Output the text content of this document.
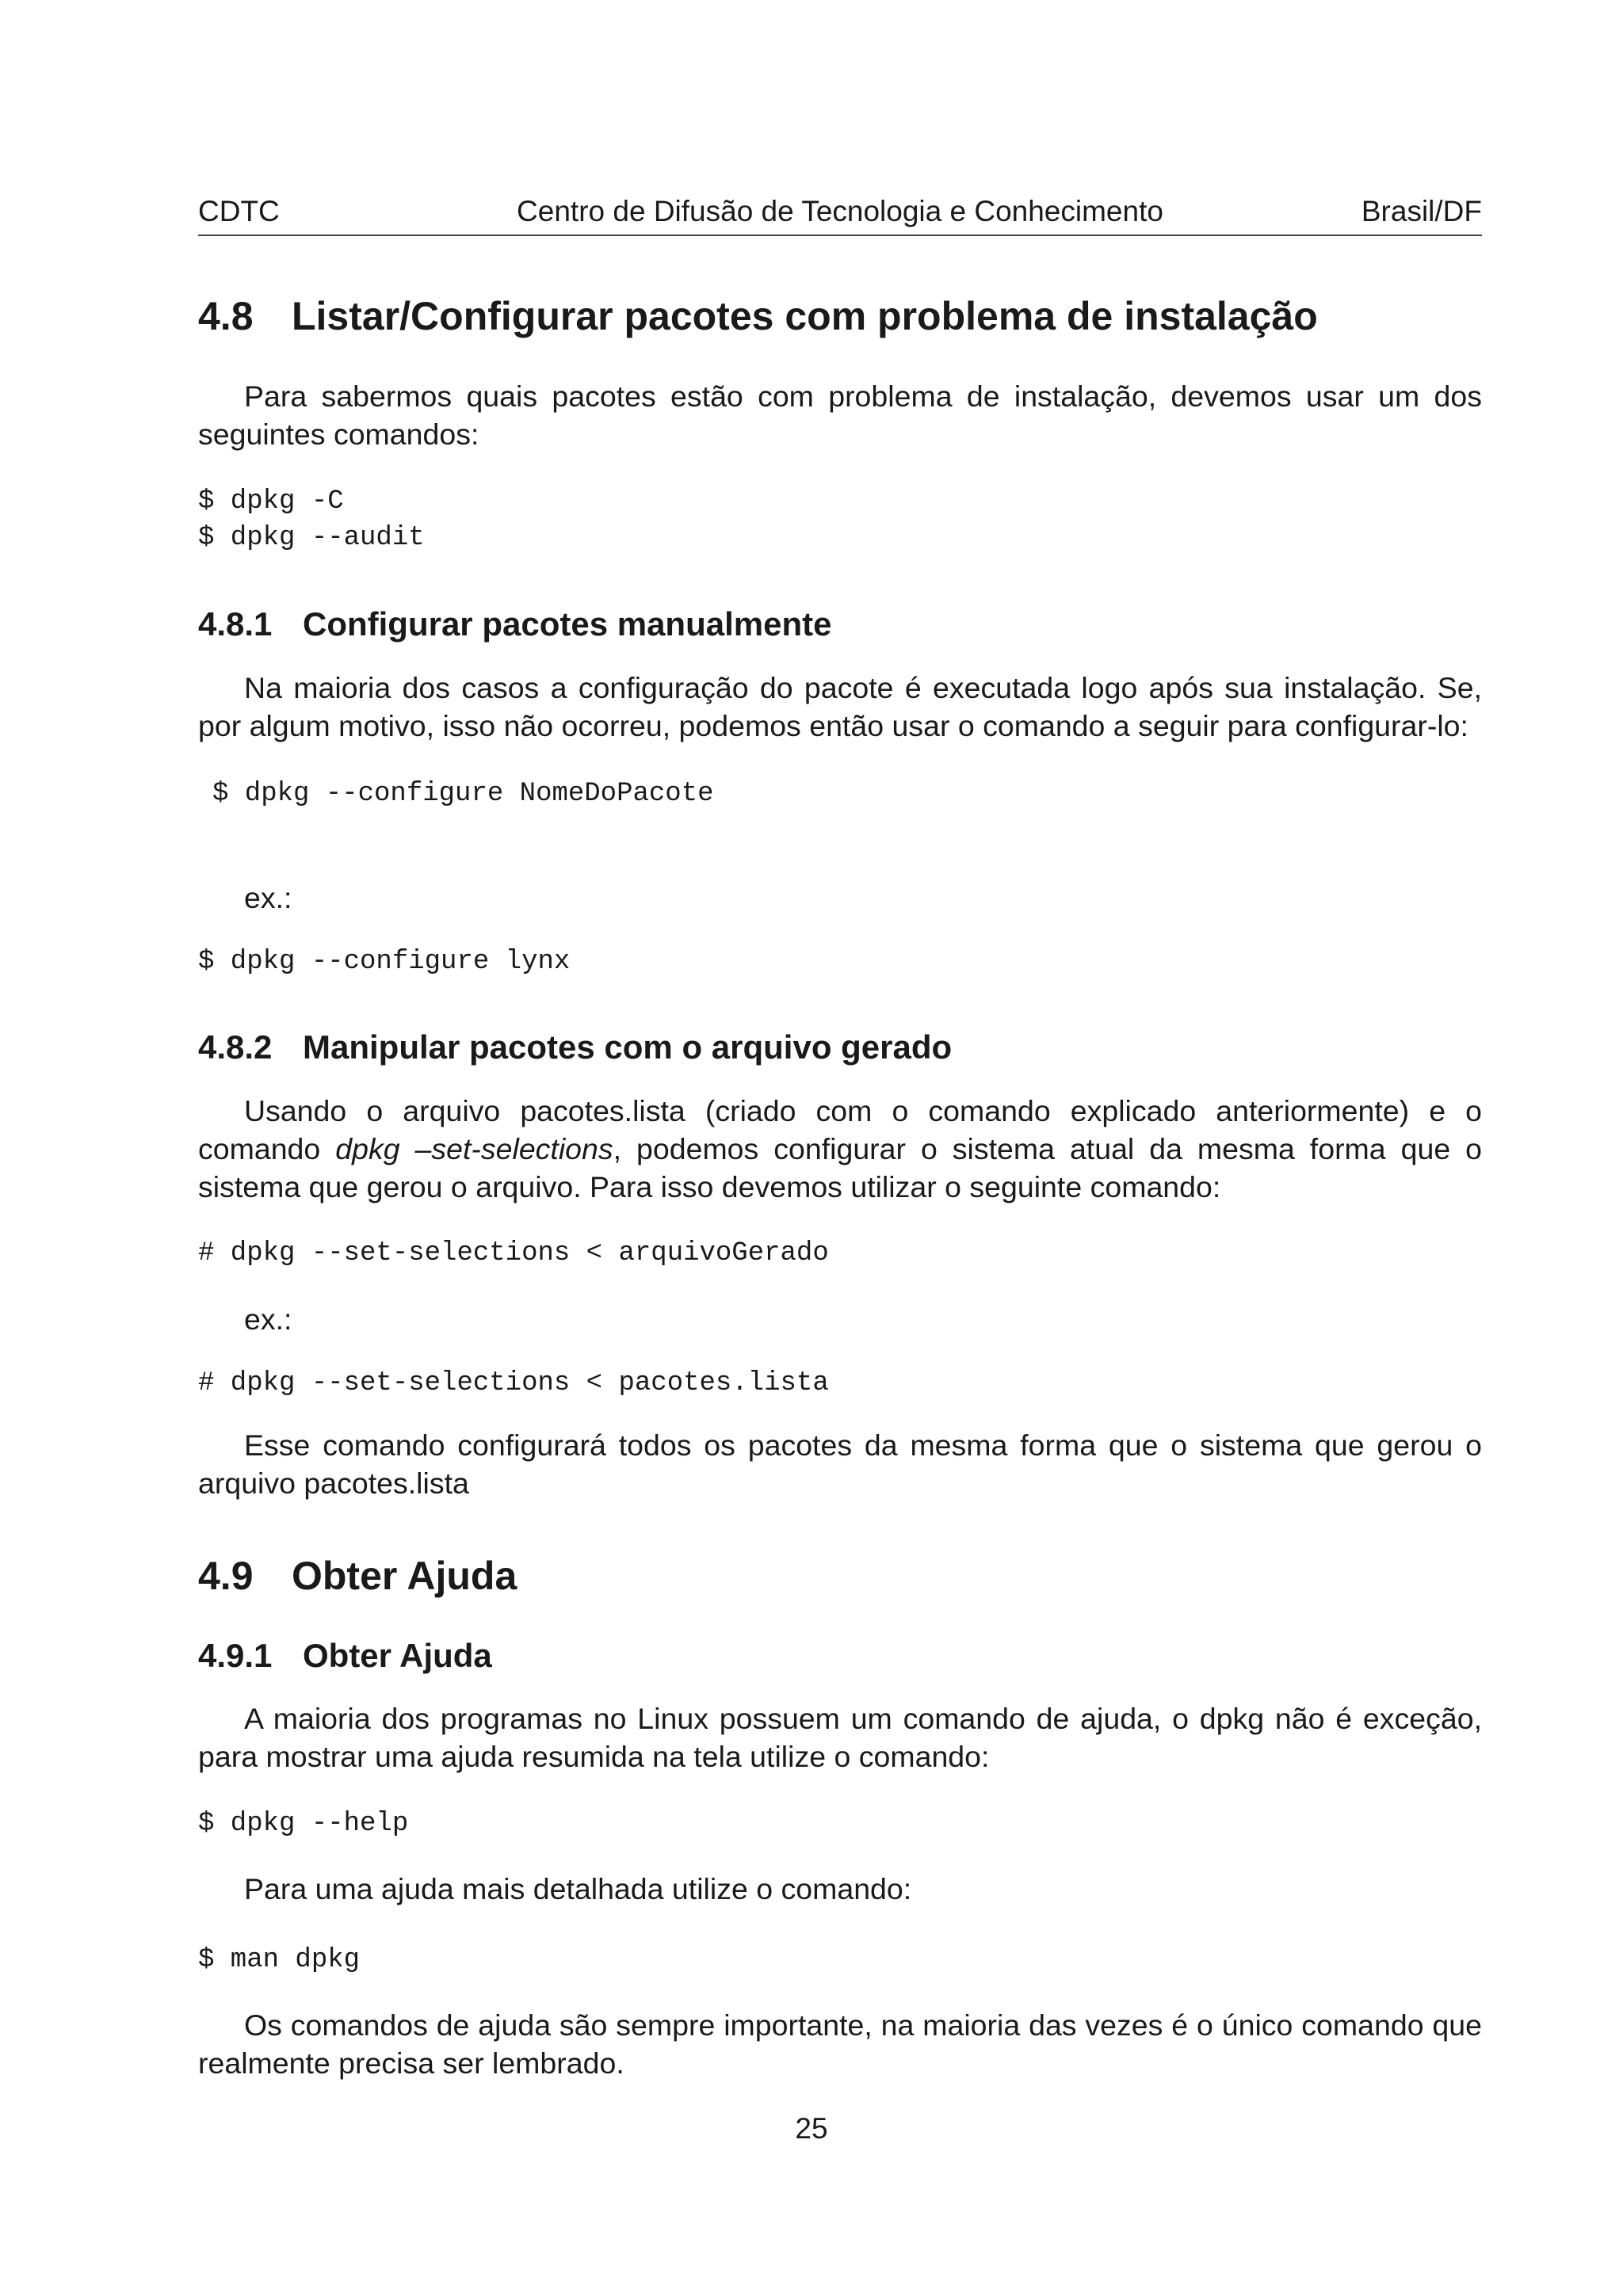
CDTC	Centro de Difusão de Tecnologia e Conhecimento	Brasil/DF
4.8 Listar/Configurar pacotes com problema de instalação
Para sabermos quais pacotes estão com problema de instalação, devemos usar um dos seguintes comandos:
$ dpkg -C
$ dpkg --audit
4.8.1 Configurar pacotes manualmente
Na maioria dos casos a configuração do pacote é executada logo após sua instalação. Se, por algum motivo, isso não ocorreu, podemos então usar o comando a seguir para configurar-lo:
$ dpkg --configure NomeDoPacote
ex.:
$ dpkg --configure lynx
4.8.2 Manipular pacotes com o arquivo gerado
Usando o arquivo pacotes.lista (criado com o comando explicado anteriormente) e o comando dpkg –set-selections, podemos configurar o sistema atual da mesma forma que o sistema que gerou o arquivo. Para isso devemos utilizar o seguinte comando:
# dpkg --set-selections < arquivoGerado
ex.:
# dpkg --set-selections < pacotes.lista
Esse comando configurará todos os pacotes da mesma forma que o sistema que gerou o arquivo pacotes.lista
4.9 Obter Ajuda
4.9.1 Obter Ajuda
A maioria dos programas no Linux possuem um comando de ajuda, o dpkg não é exceção, para mostrar uma ajuda resumida na tela utilize o comando:
$ dpkg --help
Para uma ajuda mais detalhada utilize o comando:
$ man dpkg
Os comandos de ajuda são sempre importante, na maioria das vezes é o único comando que realmente precisa ser lembrado.
25
